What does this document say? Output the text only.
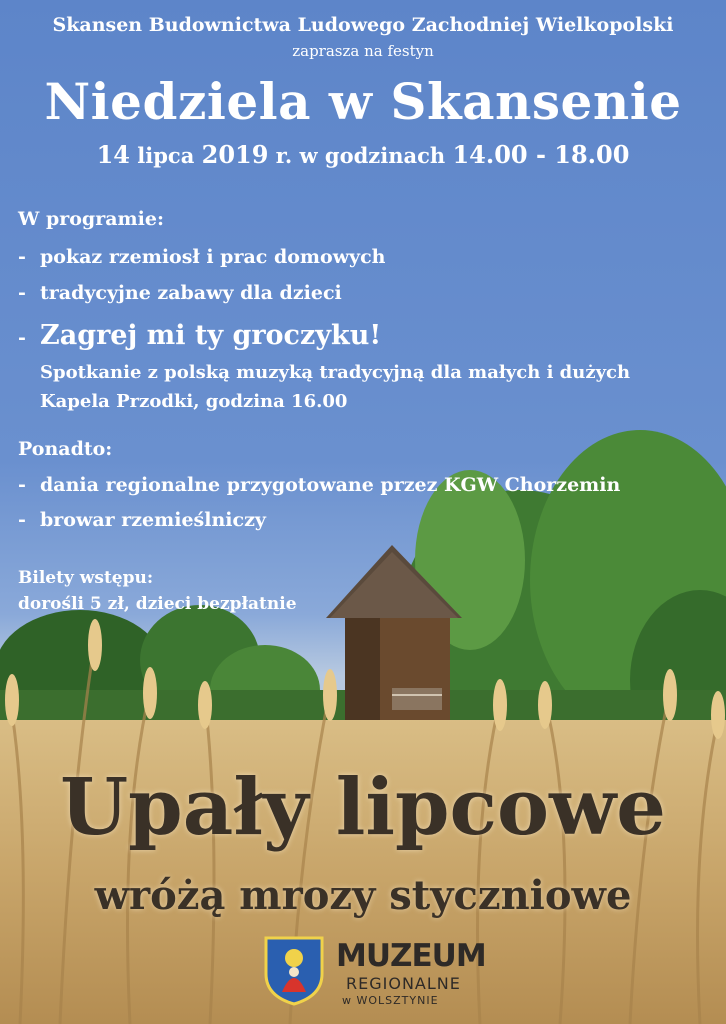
Skansen Budownictwa Ludowego Zachodniej Wielkopolski
zaprasza na festyn
Niedziela w Skansenie
14 lipca 2019 r. w godzinach 14.00 - 18.00
W programie:
- pokaz rzemiosł i prac domowych
- tradycyjne zabawy dla dzieci
- Zagrej mi ty groczyku!
Spotkanie z polską muzyką tradycyjną dla małych i dużych
Kapela Przodki, godzina 16.00
Ponadto:
- dania regionalne przygotowane przez KGW Chorzemin
- browar rzemieślniczy
Bilety wstępu:
dorośli 5 zł, dzieci bezpłatnie
Upały lipcowe
wróżą mrozy styczniowe
MUZEUM
REGIONALNE
w WOLSZTYNIE
